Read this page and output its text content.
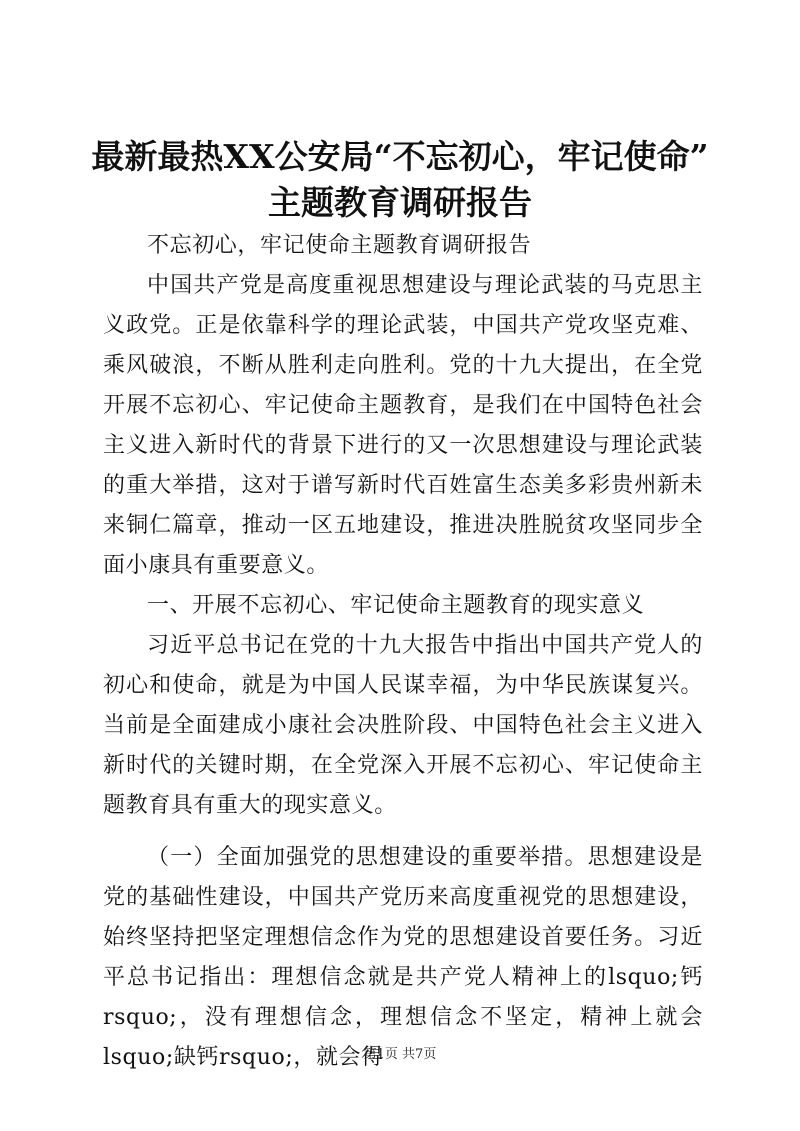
最新最热XX公安局“不忘初心，牢记使命”
主题教育调研报告

不忘初心，牢记使命主题教育调研报告

中国共产党是高度重视思想建设与理论武装的马克思主义政党。正是依靠科学的理论武装，中国共产党攻坚克难、乘风破浪，不断从胜利走向胜利。党的十九大提出，在全党开展不忘初心、牢记使命主题教育，是我们在中国特色社会主义进入新时代的背景下进行的又一次思想建设与理论武装的重大举措，这对于谱写新时代百姓富生态美多彩贵州新未来铜仁篇章，推动一区五地建设，推进决胜脱贫攻坚同步全面小康具有重要意义。

一、开展不忘初心、牢记使命主题教育的现实意义

习近平总书记在党的十九大报告中指出中国共产党人的初心和使命，就是为中国人民谋幸福，为中华民族谋复兴。当前是全面建成小康社会决胜阶段、中国特色社会主义进入新时代的关键时期，在全党深入开展不忘初心、牢记使命主题教育具有重大的现实意义。

（一）全面加强党的思想建设的重要举措。思想建设是党的基础性建设，中国共产党历来高度重视党的思想建设，始终坚持把坚定理想信念作为党的思想建设首要任务。习近平总书记指出：理想信念就是共产党人精神上的lsquo;钙rsquo;，没有理想信念，理想信念不坚定，精神上就会lsquo;缺钙rsquo;，就会得

第1页 共7页
